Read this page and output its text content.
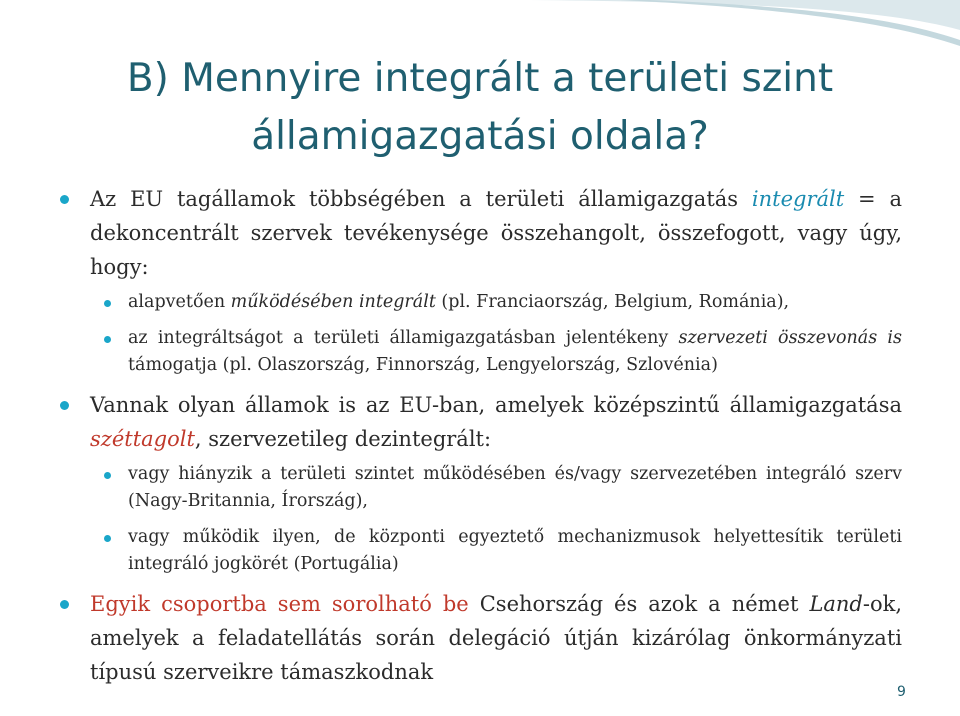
B) Mennyire integrált a területi szint
államigazgatási oldala?

Az EU tagállamok többségében a területi államigazgatás integrált = a dekoncentrált szervek tevékenysége összehangolt, összefogott, vagy úgy, hogy:

alapvetően működésében integrált (pl. Franciaország, Belgium, Románia),

az integráltságot a területi államigazgatásban jelentékeny szervezeti összevonás is támogatja (pl. Olaszország, Finnország, Lengyelország, Szlovénia)

Vannak olyan államok is az EU-ban, amelyek középszintű államigazgatása széttagolt, szervezetileg dezintegrált:

vagy hiányzik a területi szintet működésében és/vagy szervezetében integráló szerv (Nagy-Britannia, Írország),

vagy működik ilyen, de központi egyeztető mechanizmusok helyettesítik területi integráló jogkörét (Portugália)

Egyik csoportba sem sorolható be Csehország és azok a német Land-ok, amelyek a feladatellátás során delegáció útján kizárólag önkormányzati típusú szerveikre támaszkodnak

9
